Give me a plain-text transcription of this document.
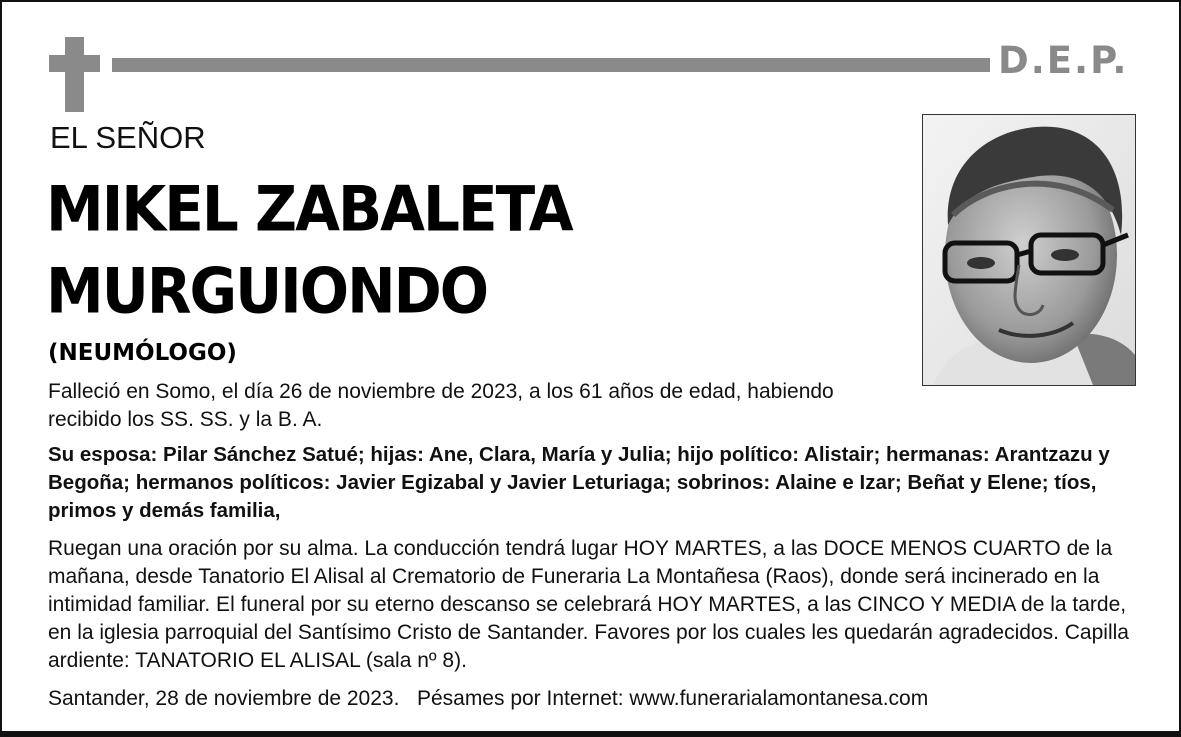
D.E.P.
EL SEÑOR
MIKEL ZABALETA
MURGUIONDO
(NEUMÓLOGO)
Falleció en Somo, el día 26 de noviembre de 2023, a los 61 años de edad, habiendo recibido los SS. SS. y la B. A.
Su esposa: Pilar Sánchez Satué; hijas: Ane, Clara, María y Julia; hijo político: Alistair; hermanas: Arantzazu y Begoña; hermanos políticos: Javier Egizabal y Javier Leturiaga; sobrinos: Alaine e Izar; Beñat y Elene; tíos, primos y demás familia,
Ruegan una oración por su alma. La conducción tendrá lugar HOY MARTES, a las DOCE MENOS CUARTO de la mañana, desde Tanatorio El Alisal al Crematorio de Funeraria La Montañesa (Raos), donde será incinerado en la intimidad familiar. El funeral por su eterno descanso se celebrará HOY MARTES, a las CINCO Y MEDIA de la tarde, en la iglesia parroquial del Santísimo Cristo de Santander. Favores por los cuales les quedarán agradecidos. Capilla ardiente: TANATORIO EL ALISAL (sala nº 8).
Santander, 28 de noviembre de 2023. Pésames por Internet: www.funerarialamontanesa.com
